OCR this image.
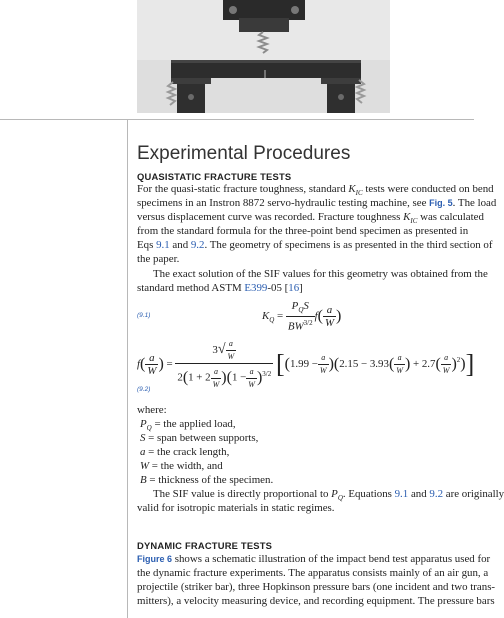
Experimental Procedures
QUASISTATIC FRACTURE TESTS
For the quasi-static fracture toughness, standard $K_{IC}$ tests were conducted on bend
specimens in an Instron 8872 servo-hydraulic testing machine, see Fig. 5. The load
versus displacement curve was recorded. Fracture toughness $K_{IC}$ was calculated
from the standard formula for the three-point bend specimen as presented in
Eqs 9.1 and 9.2. The geometry of specimens is as presented in the third section of
the paper.
The exact solution of the SIF values for this geometry was obtained from the
standard method ASTM E399-05 [16]
(9.1)	$K_Q = \frac{P_QS}{BW^{3/2}} f( \frac{a}{W}$ )
$f( \frac{a}{W}$ ) = $\frac{3√ \frac{a}{W}}{2(1 + 2 \frac{a}{W} )(1 - \frac{a}{W} )^{3/2}} [(1.99 - \frac{a}{W} )(2.15 - 3.93( \frac{a}{W}$ ) + $2.7( \frac{a}{W} )^2$)]
(9.2)
where:
$P_Q$ = the applied load,
S = span between supports,
a = the crack length,
W = the width, and
B = thickness of the specimen.
The SIF value is directly proportional to $P_Q$. Equations 9.1 and 9.2 are originally
valid for isotropic materials in static regimes.
DYNAMIC FRACTURE TESTS
Figure 6 shows a schematic illustration of the impact bend test apparatus used for
the dynamic fracture experiments. The apparatus consists mainly of an air gun, a
projectile (striker bar), three Hopkinson pressure bars (one incident and two trans-
mitters), a velocity measuring device, and recording equipment. The pressure bars
